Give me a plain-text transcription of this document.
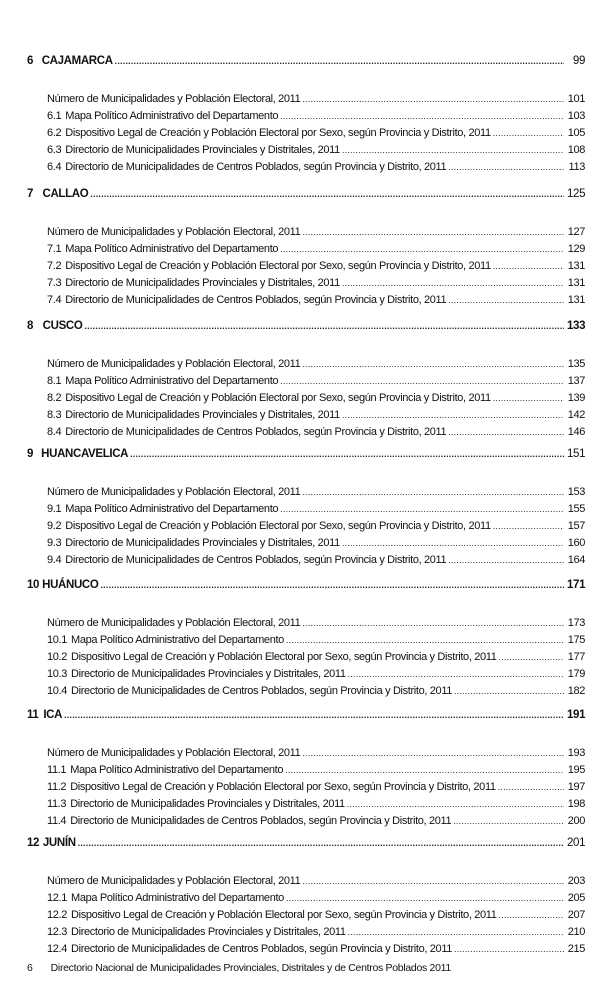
6 CAJAMARCA .....	99
Número de Municipalidades y Población Electoral, 2011 .....	101
6.1 Mapa Político Administrativo del Departamento .....	103
6.2 Dispositivo Legal de Creación y Población Electoral por Sexo, según Provincia y Distrito, 2011 .....	105
6.3 Directorio de Municipalidades Provinciales y Distritales, 2011 .....	108
6.4 Directorio de Municipalidades de Centros Poblados, según Provincia y Distrito, 2011 .....	113
7 CALLAO .....	125
Número de Municipalidades y Población Electoral, 2011 .....	127
7.1 Mapa Político Administrativo del Departamento .....	129
7.2 Dispositivo Legal de Creación y Población Electoral por Sexo, según Provincia y Distrito, 2011 .....	131
7.3 Directorio de Municipalidades Provinciales y Distritales, 2011 .....	131
7.4 Directorio de Municipalidades de Centros Poblados, según Provincia y Distrito, 2011 .....	131
8 CUSCO .....	133
Número de Municipalidades y Población Electoral, 2011 .....	135
8.1 Mapa Político Administrativo del Departamento .....	137
8.2 Dispositivo Legal de Creación y Población Electoral por Sexo, según Provincia y Distrito, 2011 .....	139
8.3 Directorio de Municipalidades Provinciales y Distritales, 2011 .....	142
8.4 Directorio de Municipalidades de Centros Poblados, según Provincia y Distrito, 2011 .....	146
9 HUANCAVELICA .....	151
Número de Municipalidades y Población Electoral, 2011 .....	153
9.1 Mapa Político Administrativo del Departamento .....	155
9.2 Dispositivo Legal de Creación y Población Electoral por Sexo, según Provincia y Distrito, 2011 .....	157
9.3 Directorio de Municipalidades Provinciales y Distritales, 2011 .....	160
9.4 Directorio de Municipalidades de Centros Poblados, según Provincia y Distrito, 2011 .....	164
10 HUÁNUCO .....	171
Número de Municipalidades y Población Electoral, 2011 .....	173
10.1 Mapa Político Administrativo del Departamento .....	175
10.2 Dispositivo Legal de Creación y Población Electoral por Sexo, según Provincia y Distrito, 2011 .....	177
10.3 Directorio de Municipalidades Provinciales y Distritales, 2011 .....	179
10.4 Directorio de Municipalidades de Centros Poblados, según Provincia y Distrito, 2011 .....	182
11 ICA .....	191
Número de Municipalidades y Población Electoral, 2011 .....	193
11.1 Mapa Político Administrativo del Departamento .....	195
11.2 Dispositivo Legal de Creación y Población Electoral por Sexo, según Provincia y Distrito, 2011 .....	197
11.3 Directorio de Municipalidades Provinciales y Distritales, 2011 .....	198
11.4 Directorio de Municipalidades de Centros Poblados, según Provincia y Distrito, 2011 .....	200
12 JUNÍN .....	201
Número de Municipalidades y Población Electoral, 2011 .....	203
12.1 Mapa Político Administrativo del Departamento .....	205
12.2 Dispositivo Legal de Creación y Población Electoral por Sexo, según Provincia y Distrito, 2011 .....	207
12.3 Directorio de Municipalidades Provinciales y Distritales, 2011 .....	210
12.4 Directorio de Municipalidades de Centros Poblados, según Provincia y Distrito, 2011 .....	215
6 Directorio Nacional de Municipalidades Provinciales, Distritales y de Centros Poblados 2011
